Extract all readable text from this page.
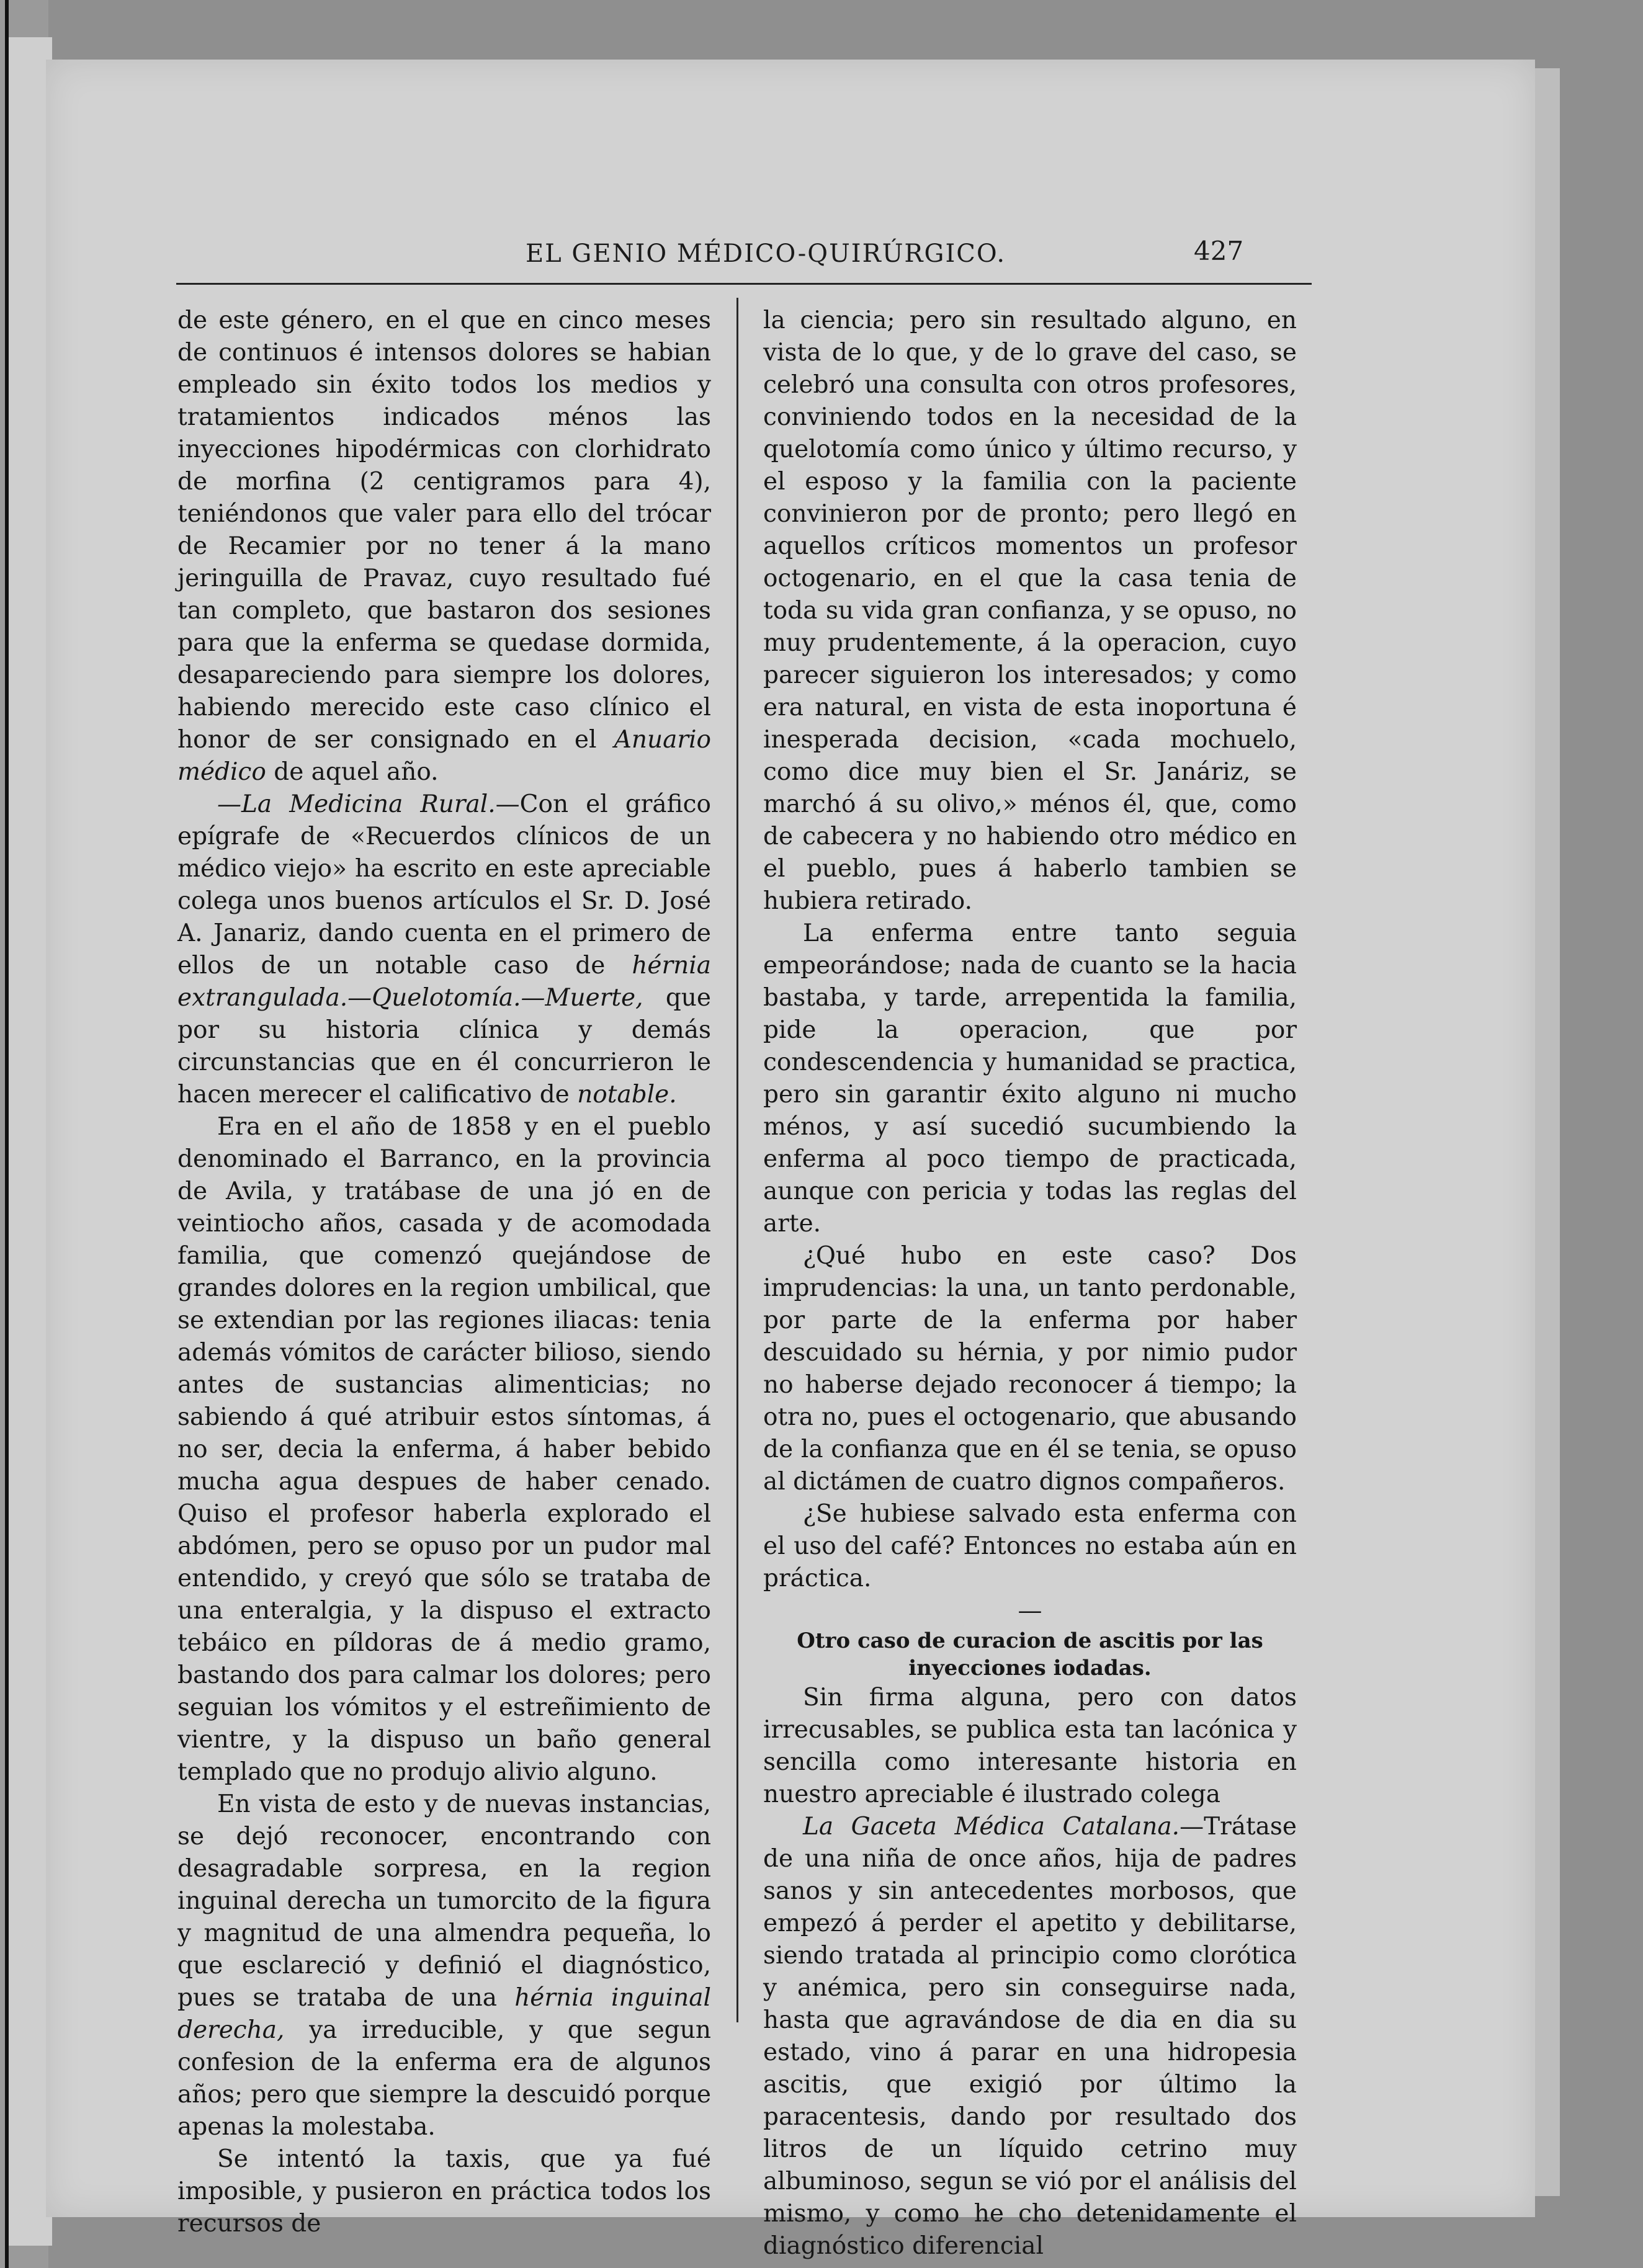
EL GENIO MÉDICO-QUIRÚRGICO.	427

de este género, en el que en cinco meses de continuos é intensos dolores se habian empleado sin éxito todos los medios y tratamientos indicados ménos las inyecciones hipodérmicas con clorhidrato de morfina (2 centigramos para 4), teniéndonos que valer para ello del trócar de Recamier por no tener á la mano jeringuilla de Pravaz, cuyo resultado fué tan completo, que bastaron dos sesiones para que la enferma se quedase dormida, desapareciendo para siempre los dolores, habiendo merecido este caso clínico el honor de ser consignado en el Anuario médico de aquel año.

—La Medicina Rural.—Con el gráfico epígrafe de «Recuerdos clínicos de un médico viejo» ha escrito en este apreciable colega unos buenos artículos el Sr. D. José A. Janariz, dando cuenta en el primero de ellos de un notable caso de hérnia extrangulada.—Quelotomía.—Muerte, que por su historia clínica y demás circunstancias que en él concurrieron le hacen merecer el calificativo de notable.

Era en el año de 1858 y en el pueblo denominado el Barranco, en la provincia de Avila, y tratábase de una jó en de veintiocho años, casada y de acomodada familia, que comenzó quejándose de grandes dolores en la region umbilical, que se extendian por las regiones iliacas: tenia además vómitos de carácter bilioso, siendo antes de sustancias alimenticias; no sabiendo á qué atribuir estos síntomas, á no ser, decia la enferma, á haber bebido mucha agua despues de haber cenado. Quiso el profesor haberla explorado el abdómen, pero se opuso por un pudor mal entendido, y creyó que sólo se trataba de una enteralgia, y la dispuso el extracto tebáico en píldoras de á medio gramo, bastando dos para calmar los dolores; pero seguian los vómitos y el estreñimiento de vientre, y la dispuso un baño general templado que no produjo alivio alguno.

En vista de esto y de nuevas instancias, se dejó reconocer, encontrando con desagradable sorpresa, en la region inguinal derecha un tumorcito de la figura y magnitud de una almendra pequeña, lo que esclareció y definió el diagnóstico, pues se trataba de una hérnia inguinal derecha, ya irreducible, y que segun confesion de la enferma era de algunos años; pero que siempre la descuidó porque apenas la molestaba.

Se intentó la taxis, que ya fué imposible, y pusieron en práctica todos los recursos de

la ciencia; pero sin resultado alguno, en vista de lo que, y de lo grave del caso, se celebró una consulta con otros profesores, conviniendo todos en la necesidad de la quelotomía como único y último recurso, y el esposo y la familia con la paciente convinieron por de pronto; pero llegó en aquellos críticos momentos un profesor octogenario, en el que la casa tenia de toda su vida gran confianza, y se opuso, no muy prudentemente, á la operacion, cuyo parecer siguieron los interesados; y como era natural, en vista de esta inoportuna é inesperada decision, «cada mochuelo, como dice muy bien el Sr. Janáriz, se marchó á su olivo,» ménos él, que, como de cabecera y no habiendo otro médico en el pueblo, pues á haberlo tambien se hubiera retirado.

La enferma entre tanto seguia empeorándose; nada de cuanto se la hacia bastaba, y tarde, arrepentida la familia, pide la operacion, que por condescendencia y humanidad se practica, pero sin garantir éxito alguno ni mucho ménos, y así sucedió sucumbiendo la enferma al poco tiempo de practicada, aunque con pericia y todas las reglas del arte.

¿Qué hubo en este caso? Dos imprudencias: la una, un tanto perdonable, por parte de la enferma por haber descuidado su hérnia, y por nimio pudor no haberse dejado reconocer á tiempo; la otra no, pues el octogenario, que abusando de la confianza que en él se tenia, se opuso al dictámen de cuatro dignos compañeros.

¿Se hubiese salvado esta enferma con el uso del café? Entonces no estaba aún en práctica.

—

Otro caso de curacion de ascitis por las inyecciones iodadas.

Sin firma alguna, pero con datos irrecusables, se publica esta tan lacónica y sencilla como interesante historia en nuestro apreciable é ilustrado colega

La Gaceta Médica Catalana.—Trátase de una niña de once años, hija de padres sanos y sin antecedentes morbosos, que empezó á perder el apetito y debilitarse, siendo tratada al principio como clorótica y anémica, pero sin conseguirse nada, hasta que agravándose de dia en dia su estado, vino á parar en una hidropesia ascitis, que exigió por último la paracentesis, dando por resultado dos litros de un líquido cetrino muy albuminoso, segun se vió por el análisis del mismo, y como he cho detenidamente el diagnóstico diferencial
